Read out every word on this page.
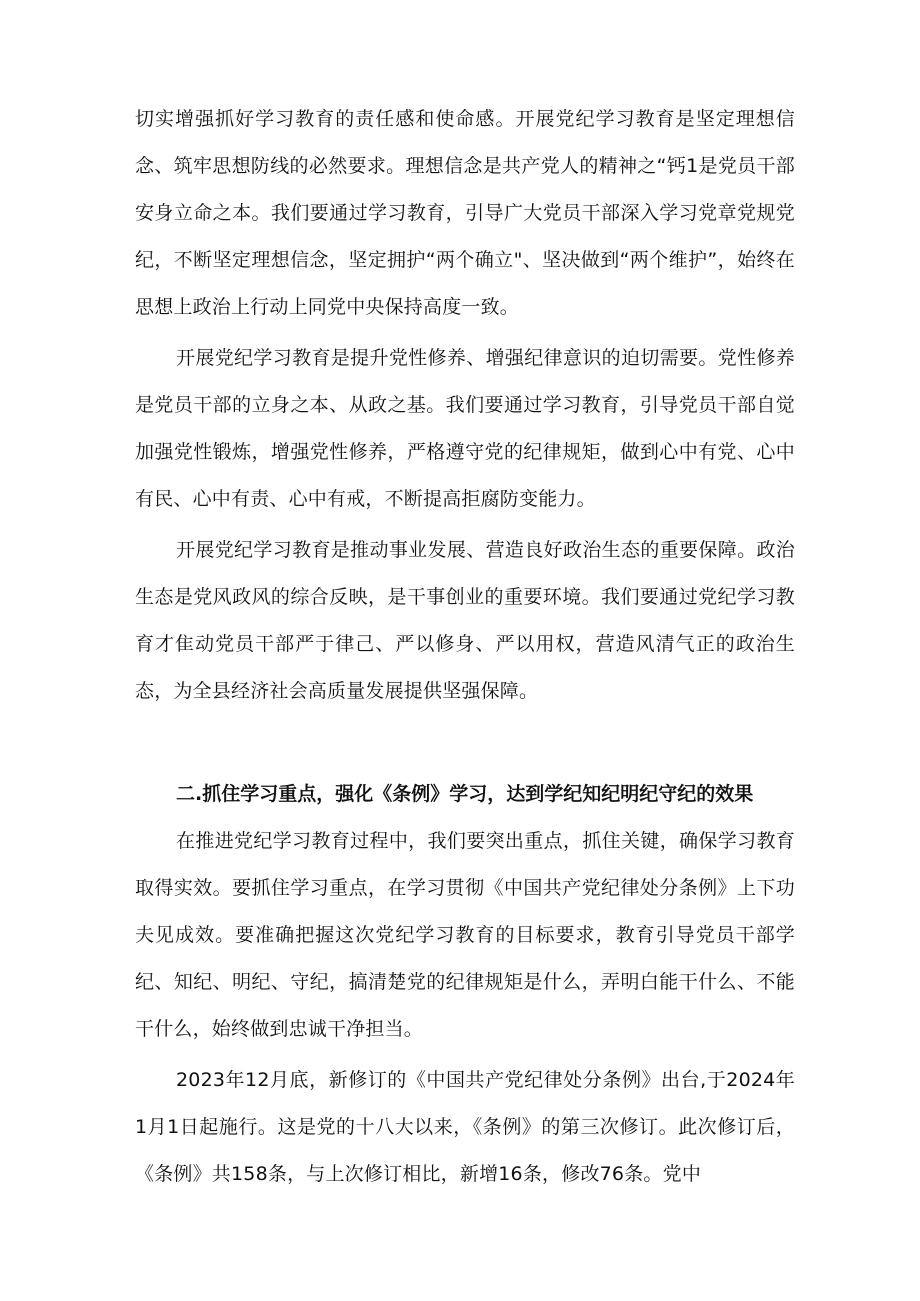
切实增强抓好学习教育的责任感和使命感。开展党纪学习教育是坚定理想信念、筑牢思想防线的必然要求。理想信念是共产党人的精神之“钙1是党员干部安身立命之本。我们要通过学习教育，引导广大党员干部深入学习党章党规党纪，不断坚定理想信念，坚定拥护“两个确立"、坚决做到“两个维护”，始终在思想上政治上行动上同党中央保持高度一致。

开展党纪学习教育是提升党性修养、增强纪律意识的迫切需要。党性修养是党员干部的立身之本、从政之基。我们要通过学习教育，引导党员干部自觉加强党性锻炼，增强党性修养，严格遵守党的纪律规矩，做到心中有党、心中有民、心中有责、心中有戒，不断提高拒腐防变能力。

开展党纪学习教育是推动事业发展、营造良好政治生态的重要保障。政治生态是党风政风的综合反映，是干事创业的重要环境。我们要通过党纪学习教育才隹动党员干部严于律己、严以修身、严以用权，营造风清气正的政治生态，为全县经济社会高质量发展提供坚强保障。

二.抓住学习重点，强化《条例》学习，达到学纪知纪明纪守纪的效果

在推进党纪学习教育过程中，我们要突出重点，抓住关键，确保学习教育取得实效。要抓住学习重点，在学习贯彻《中国共产党纪律处分条例》上下功夫见成效。要准确把握这次党纪学习教育的目标要求，教育引导党员干部学纪、知纪、明纪、守纪，搞清楚党的纪律规矩是什么，弄明白能干什么、不能干什么，始终做到忠诚干净担当。

2023年12月底，新修订的《中国共产党纪律处分条例》出台,于2024年1月1日起施行。这是党的十八大以来，《条例》的第三次修订。此次修订后，《条例》共158条，与上次修订相比，新增16条，修改76条。党中
